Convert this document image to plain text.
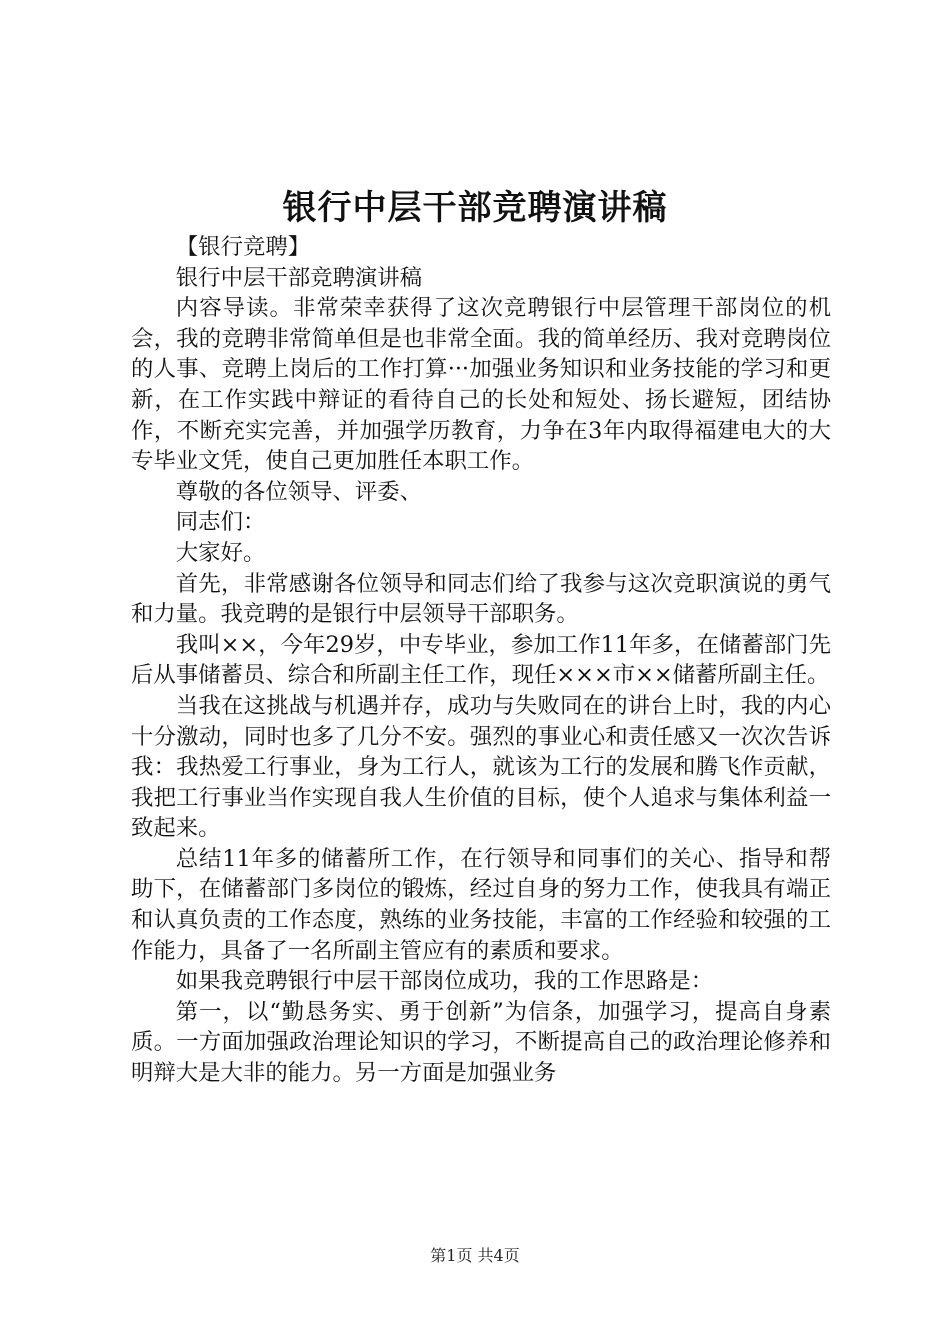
银行中层干部竞聘演讲稿

【银行竞聘】

银行中层干部竞聘演讲稿

内容导读。非常荣幸获得了这次竞聘银行中层管理干部岗位的机会，我的竞聘非常简单但是也非常全面。我的简单经历、我对竞聘岗位的人事、竞聘上岗后的工作打算···加强业务知识和业务技能的学习和更新，在工作实践中辩证的看待自己的长处和短处、扬长避短，团结协作，不断充实完善，并加强学历教育，力争在3年内取得福建电大的大专毕业文凭，使自己更加胜任本职工作。

尊敬的各位领导、评委、

同志们：

大家好。

首先，非常感谢各位领导和同志们给了我参与这次竞职演说的勇气和力量。我竞聘的是银行中层领导干部职务。

我叫××，今年29岁，中专毕业，参加工作11年多，在储蓄部门先后从事储蓄员、综合和所副主任工作，现任×××市××储蓄所副主任。

当我在这挑战与机遇并存，成功与失败同在的讲台上时，我的内心十分激动，同时也多了几分不安。强烈的事业心和责任感又一次次告诉我：我热爱工行事业，身为工行人，就该为工行的发展和腾飞作贡献，我把工行事业当作实现自我人生价值的目标，使个人追求与集体利益一致起来。

总结11年多的储蓄所工作，在行领导和同事们的关心、指导和帮助下，在储蓄部门多岗位的锻炼，经过自身的努力工作，使我具有端正和认真负责的工作态度，熟练的业务技能，丰富的工作经验和较强的工作能力，具备了一名所副主管应有的素质和要求。

如果我竞聘银行中层干部岗位成功，我的工作思路是：

第一，以“勤恳务实、勇于创新”为信条，加强学习，提高自身素质。一方面加强政治理论知识的学习，不断提高自己的政治理论修养和明辩大是大非的能力。另一方面是加强业务

第1页 共4页
